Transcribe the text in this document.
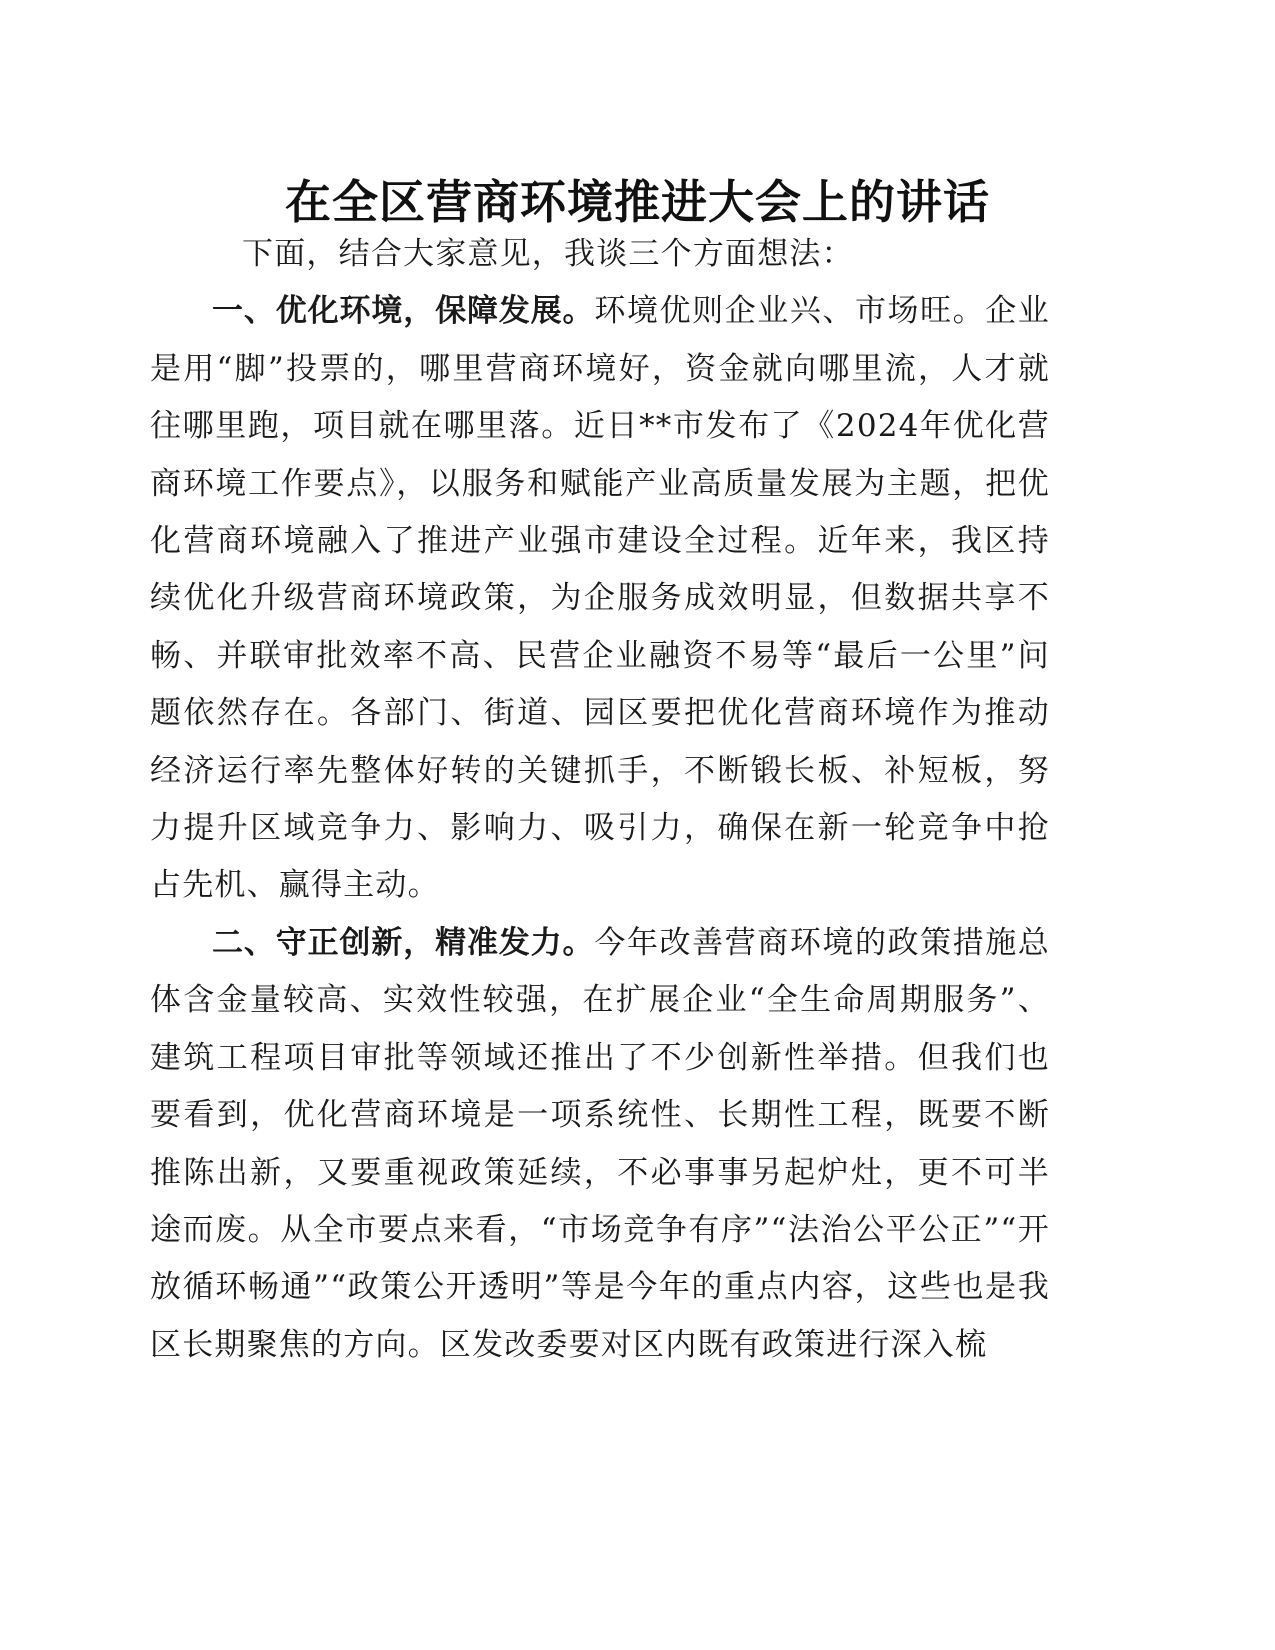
在全区营商环境推进大会上的讲话

下面，结合大家意见，我谈三个方面想法：

一、优化环境，保障发展。环境优则企业兴、市场旺。企业是用“脚”投票的，哪里营商环境好，资金就向哪里流，人才就往哪里跑，项目就在哪里落。近日**市发布了《2024年优化营商环境工作要点》，以服务和赋能产业高质量发展为主题，把优化营商环境融入了推进产业强市建设全过程。近年来，我区持续优化升级营商环境政策，为企服务成效明显，但数据共享不畅、并联审批效率不高、民营企业融资不易等“最后一公里”问题依然存在。各部门、街道、园区要把优化营商环境作为推动经济运行率先整体好转的关键抓手，不断锻长板、补短板，努力提升区域竞争力、影响力、吸引力，确保在新一轮竞争中抢占先机、赢得主动。

二、守正创新，精准发力。今年改善营商环境的政策措施总体含金量较高、实效性较强，在扩展企业“全生命周期服务”、建筑工程项目审批等领域还推出了不少创新性举措。但我们也要看到，优化营商环境是一项系统性、长期性工程，既要不断推陈出新，又要重视政策延续，不必事事另起炉灶，更不可半途而废。从全市要点来看，“市场竞争有序”“法治公平公正”“开放循环畅通”“政策公开透明”等是今年的重点内容，这些也是我区长期聚焦的方向。区发改委要对区内既有政策进行深入梳
